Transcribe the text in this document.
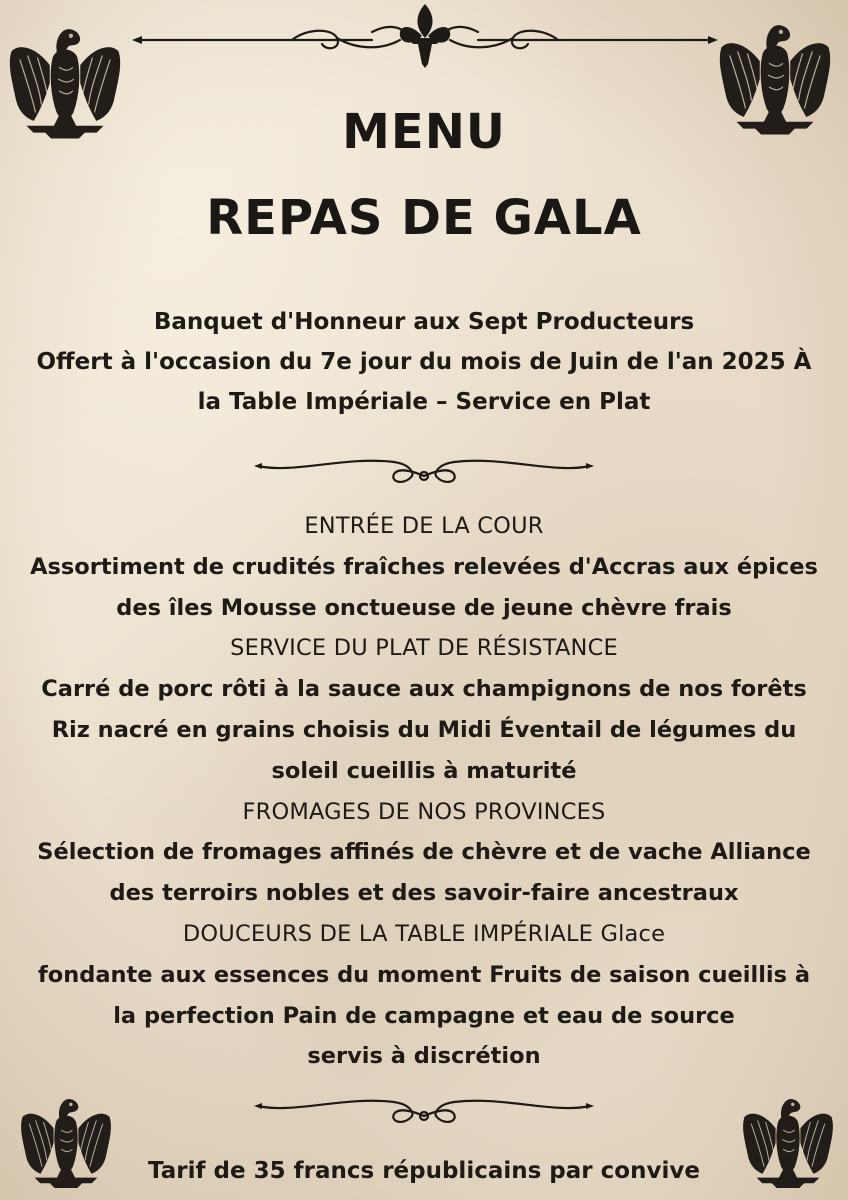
MENU
REPAS DE GALA
Banquet d'Honneur aux Sept Producteurs
Offert à l'occasion du 7e jour du mois de Juin de l'an 2025 À
la Table Impériale – Service en Plat
ENTRÉE DE LA COUR
Assortiment de crudités fraîches relevées d'Accras aux épices
des îles Mousse onctueuse de jeune chèvre frais
SERVICE DU PLAT DE RÉSISTANCE
Carré de porc rôti à la sauce aux champignons de nos forêts
Riz nacré en grains choisis du Midi Éventail de légumes du
soleil cueillis à maturité
FROMAGES DE NOS PROVINCES
Sélection de fromages affinés de chèvre et de vache Alliance
des terroirs nobles et des savoir-faire ancestraux
DOUCEURS DE LA TABLE IMPÉRIALE Glace
fondante aux essences du moment Fruits de saison cueillis à
la perfection Pain de campagne et eau de source
servis à discrétion
Tarif de 35 francs républicains par convive
